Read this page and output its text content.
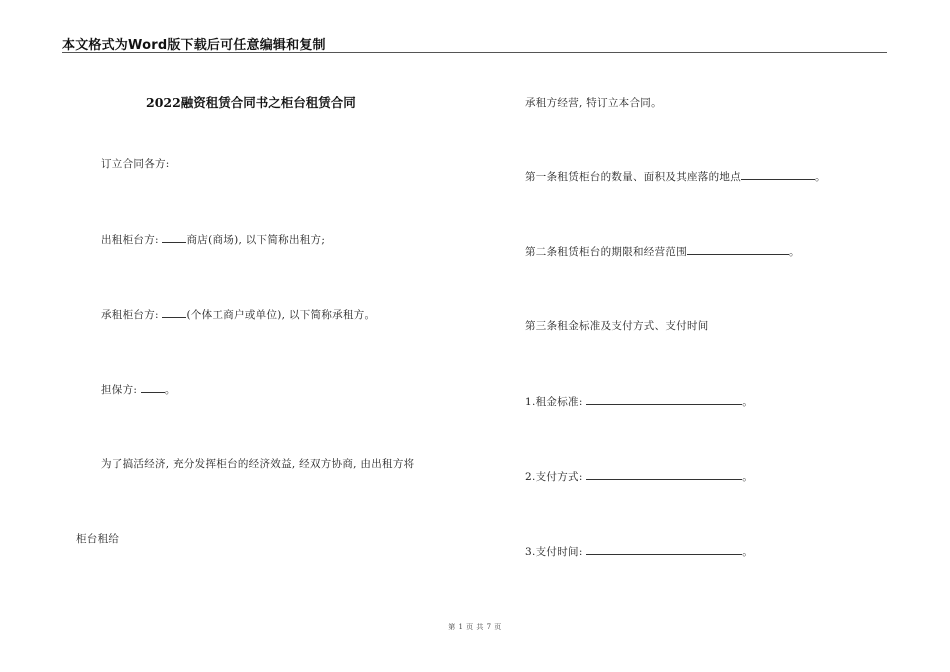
本文格式为Word版下载后可任意编辑和复制
2022融资租赁合同书之柜台租赁合同
订立合同各方:
出租柜台方: 商店(商场), 以下简称出租方;
承租柜台方: (个体工商户或单位), 以下简称承租方。
担保方: 。
为了搞活经济, 充分发挥柜台的经济效益, 经双方协商, 由出租方将
柜台租给
承租方经营, 特订立本合同。
第一条租赁柜台的数量、面积及其座落的地点	。
第二条租赁柜台的期限和经营范围	。
第三条租金标准及支付方式、支付时间
1.租金标准:	。
2.支付方式:	。
3.支付时间:	。
第 1 页 共 7 页
